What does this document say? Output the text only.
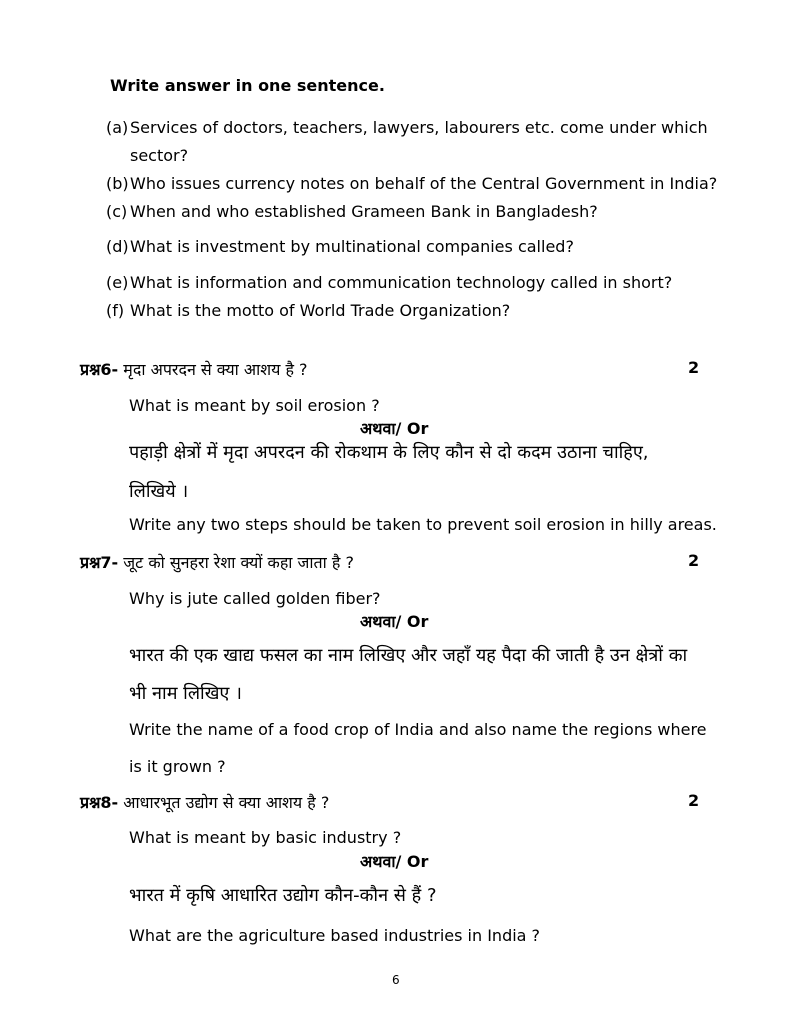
Write answer in one sentence.
(a) Services of doctors, teachers, lawyers, labourers etc. come under which
sector?
(b) Who issues currency notes on behalf of the Central Government in India?
(c) When and who established Grameen Bank in Bangladesh?
(d) What is investment by multinational companies called?
(e) What is information and communication technology called in short?
(f) What is the motto of World Trade Organization?
प्रश्न6- मृदा अपरदन से क्या आशय है ?	2
What is meant by soil erosion ?
अथवा/ Or
पहाड़ी क्षेत्रों में मृदा अपरदन की रोकथाम के लिए कौन से दो कदम उठाना चाहिए,
लिखिये ।
Write any two steps should be taken to prevent soil erosion in hilly areas.
प्रश्न7- जूट को सुनहरा रेशा क्यों कहा जाता है ?	2
Why is jute called golden fiber?
अथवा/ Or
भारत की एक खाद्य फसल का नाम लिखिए और जहाँ यह पैदा की जाती है उन क्षेत्रों का
भी नाम लिखिए ।
Write the name of a food crop of India and also name the regions where
is it grown ?
प्रश्न8- आधारभूत उद्योग से क्या आशय है ?	2
What is meant by basic industry ?
अथवा/ Or
भारत में कृषि आधारित उद्योग कौन-कौन से हैं ?
What are the agriculture based industries in India ?
6
